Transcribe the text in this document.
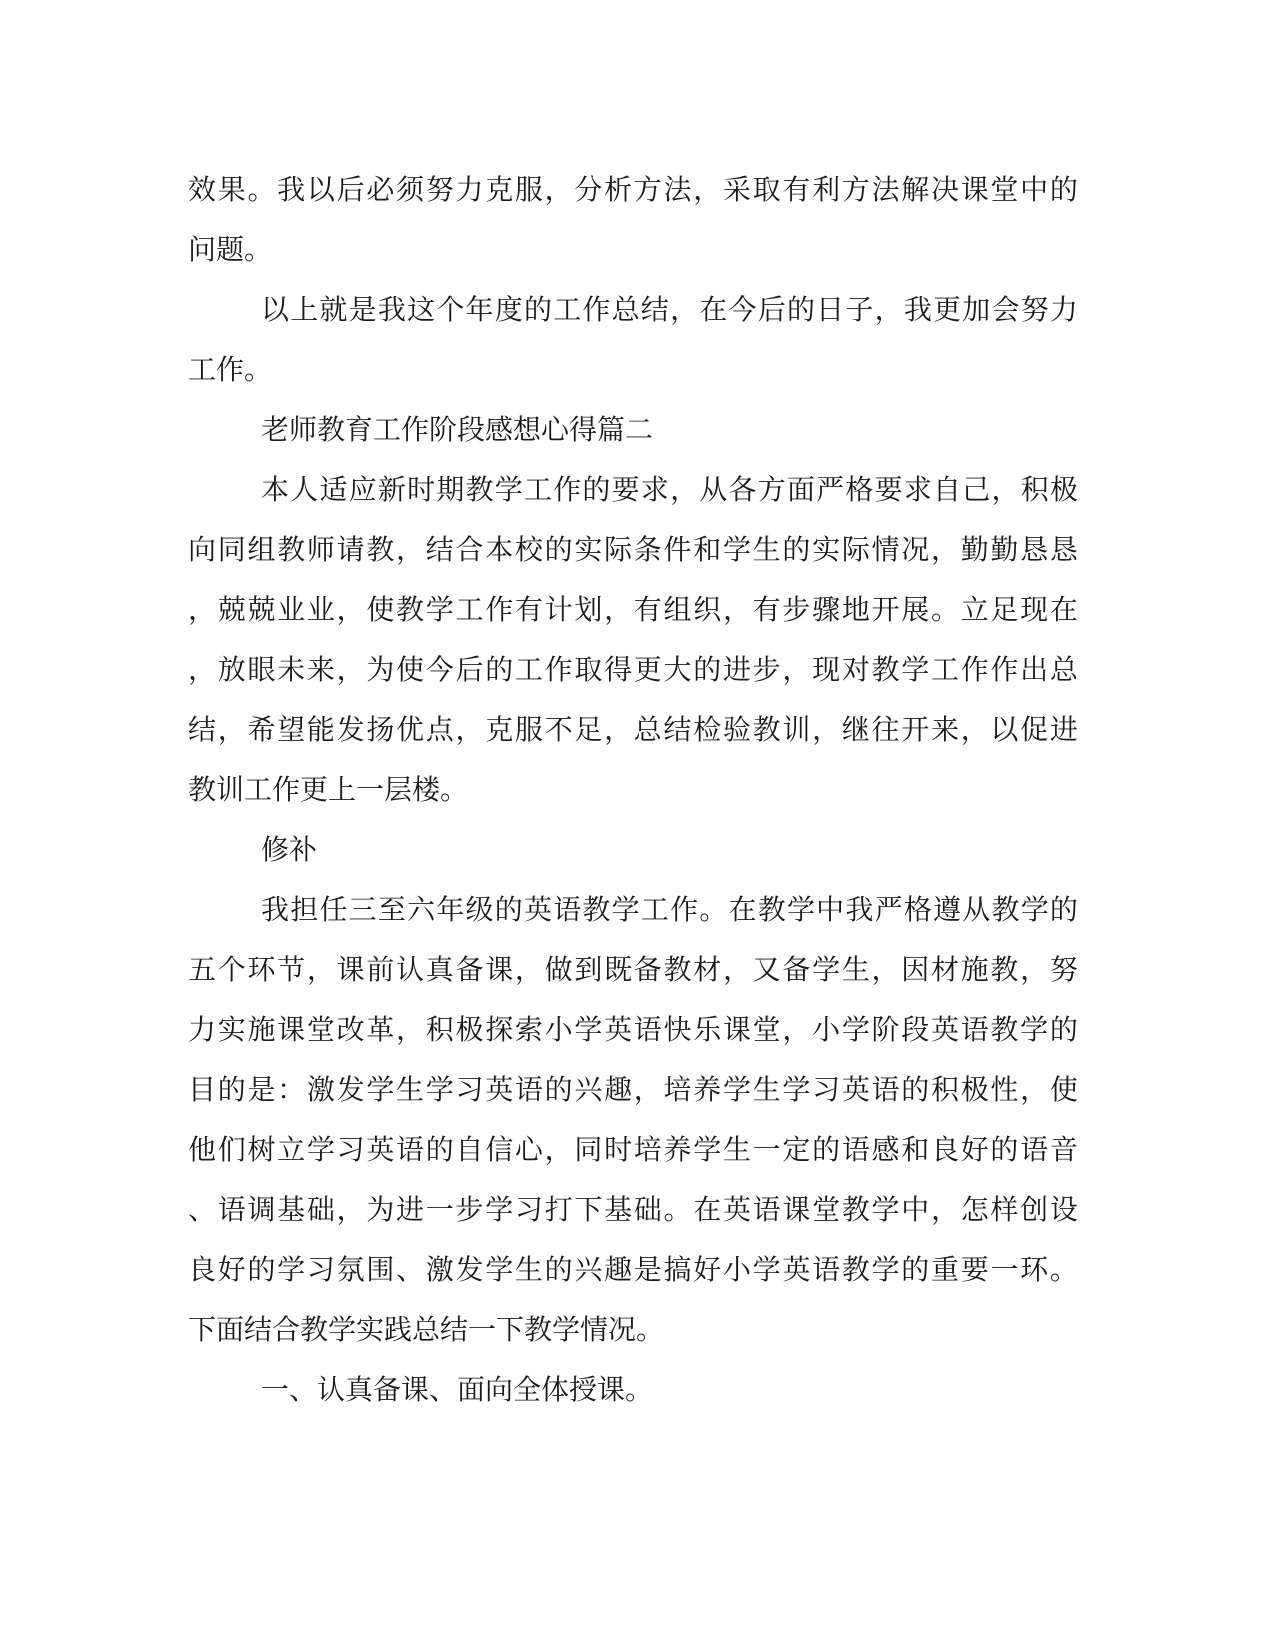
效 果 。 我 以 后 必 须 努 力 克 服 ， 分 析 方 法 ， 采 取 有 利 方 法 解 决 课 堂 中 的
问题。
以 上 就 是 我 这 个 年 度 的 工 作 总 结 ， 在 今 后 的 日 子 ， 我 更 加 会 努 力
工作。
老师教育工作阶段感想心得篇二
本 人 适 应 新 时 期 教 学 工 作 的 要 求 ， 从 各 方 面 严 格 要 求 自 己 ， 积 极
向 同 组 教 师 请 教 ， 结 合 本 校 的 实 际 条 件 和 学 生 的 实 际 情 况 ， 勤 勤 恳 恳
， 兢 兢 业 业 ， 使 教 学 工 作 有 计 划 ， 有 组 织 ， 有 步 骤 地 开 展 。 立 足 现 在
， 放 眼 未 来 ， 为 使 今 后 的 工 作 取 得 更 大 的 进 步 ， 现 对 教 学 工 作 作 出 总
结 ， 希 望 能 发 扬 优 点 ， 克 服 不 足 ， 总 结 检 验 教 训 ， 继 往 开 来 ， 以 促 进
教训工作更上一层楼。
修补
我 担 任 三 至 六 年 级 的 英 语 教 学 工 作 。 在 教 学 中 我 严 格 遵 从 教 学 的
五 个 环 节 ， 课 前 认 真 备 课 ， 做 到 既 备 教 材 ， 又 备 学 生 ， 因 材 施 教 ， 努
力 实 施 课 堂 改 革 ， 积 极 探 索 小 学 英 语 快 乐 课 堂 ， 小 学 阶 段 英 语 教 学 的
目 的 是 ： 激 发 学 生 学 习 英 语 的 兴 趣 ， 培 养 学 生 学 习 英 语 的 积 极 性 ， 使
他 们 树 立 学 习 英 语 的 自 信 心 ， 同 时 培 养 学 生 一 定 的 语 感 和 良 好 的 语 音
、 语 调 基 础 ， 为 进 一 步 学 习 打 下 基 础 。 在 英 语 课 堂 教 学 中 ， 怎 样 创 设
良 好 的 学 习 氛 围 、 激 发 学 生 的 兴 趣 是 搞 好 小 学 英 语 教 学 的 重 要 一 环 。
下面结合教学实践总结一下教学情况。
一、认真备课、面向全体授课。
